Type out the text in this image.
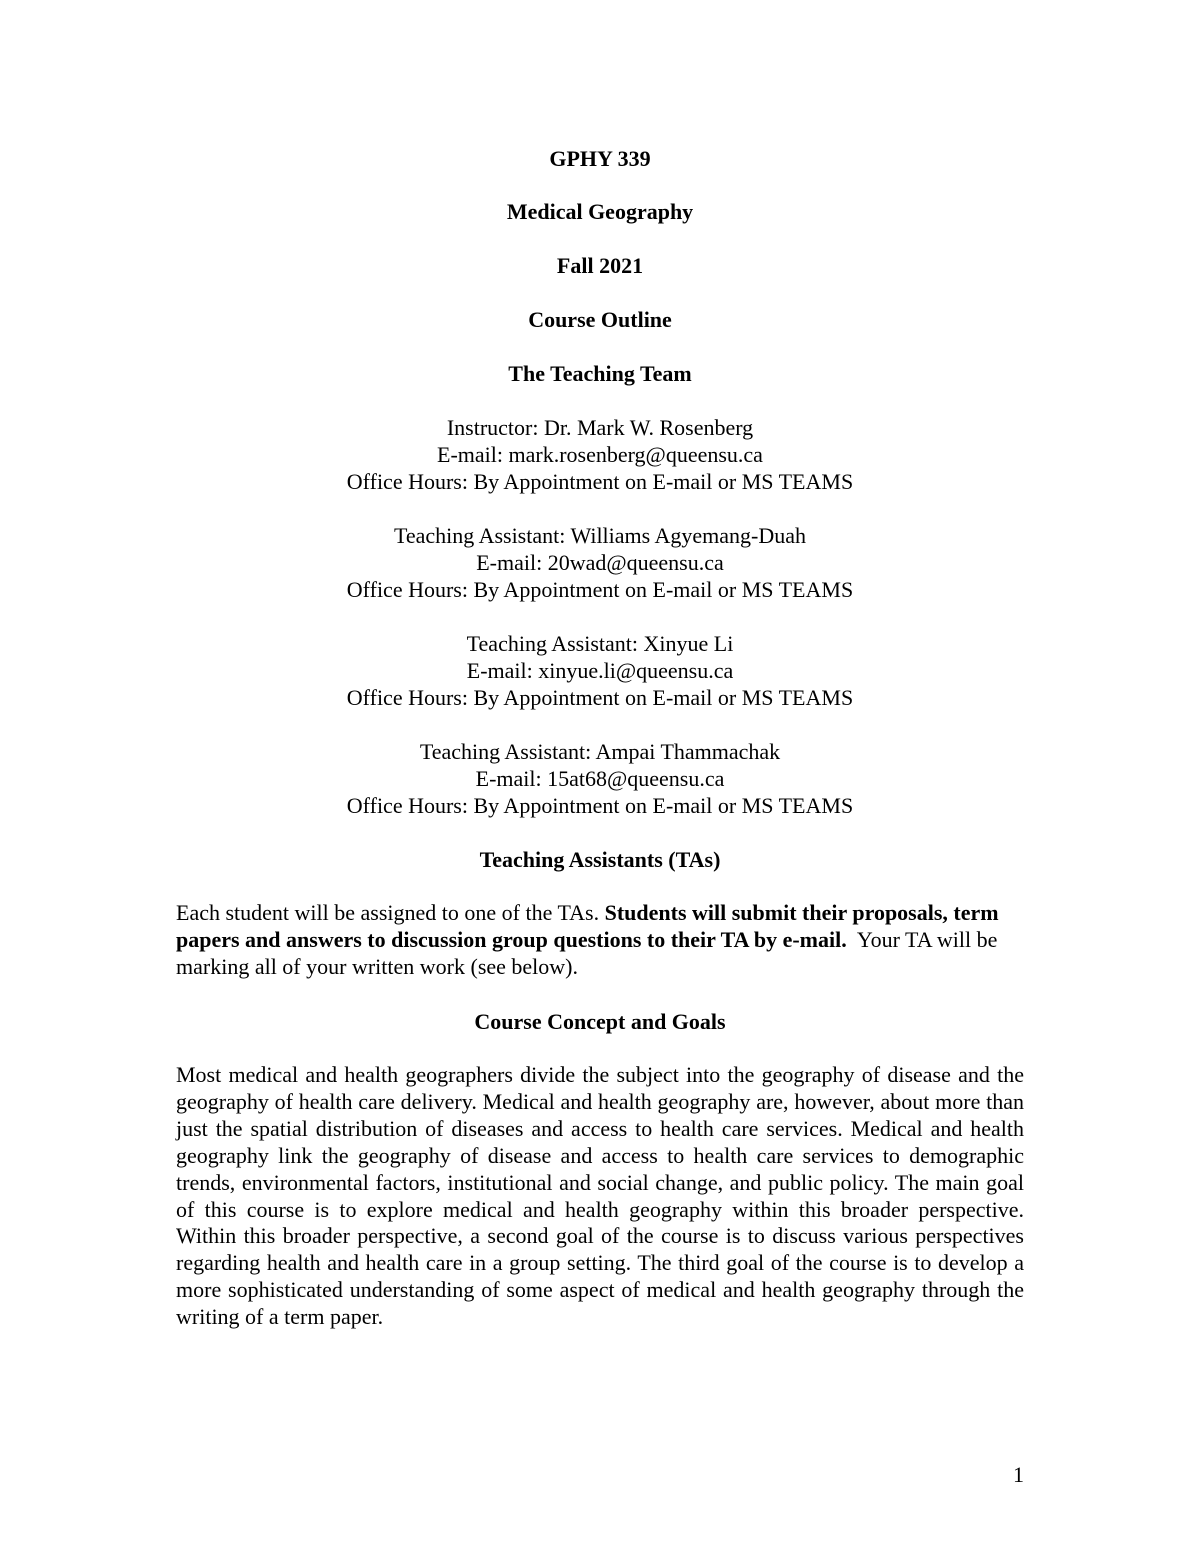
GPHY 339
Medical Geography
Fall 2021
Course Outline
The Teaching Team
Instructor: Dr. Mark W. Rosenberg
E-mail: mark.rosenberg@queensu.ca
Office Hours: By Appointment on E-mail or MS TEAMS
Teaching Assistant: Williams Agyemang-Duah
E-mail: 20wad@queensu.ca
Office Hours: By Appointment on E-mail or MS TEAMS
Teaching Assistant: Xinyue Li
E-mail: xinyue.li@queensu.ca
Office Hours: By Appointment on E-mail or MS TEAMS
Teaching Assistant: Ampai Thammachak
E-mail: 15at68@queensu.ca
Office Hours: By Appointment on E-mail or MS TEAMS
Teaching Assistants (TAs)
Each student will be assigned to one of the TAs. Students will submit their proposals, term papers and answers to discussion group questions to their TA by e-mail.  Your TA will be marking all of your written work (see below).
Course Concept and Goals
Most medical and health geographers divide the subject into the geography of disease and the geography of health care delivery. Medical and health geography are, however, about more than just the spatial distribution of diseases and access to health care services. Medical and health geography link the geography of disease and access to health care services to demographic trends, environmental factors, institutional and social change, and public policy. The main goal of this course is to explore medical and health geography within this broader perspective. Within this broader perspective, a second goal of the course is to discuss various perspectives regarding health and health care in a group setting. The third goal of the course is to develop a more sophisticated understanding of some aspect of medical and health geography through the writing of a term paper.
1
